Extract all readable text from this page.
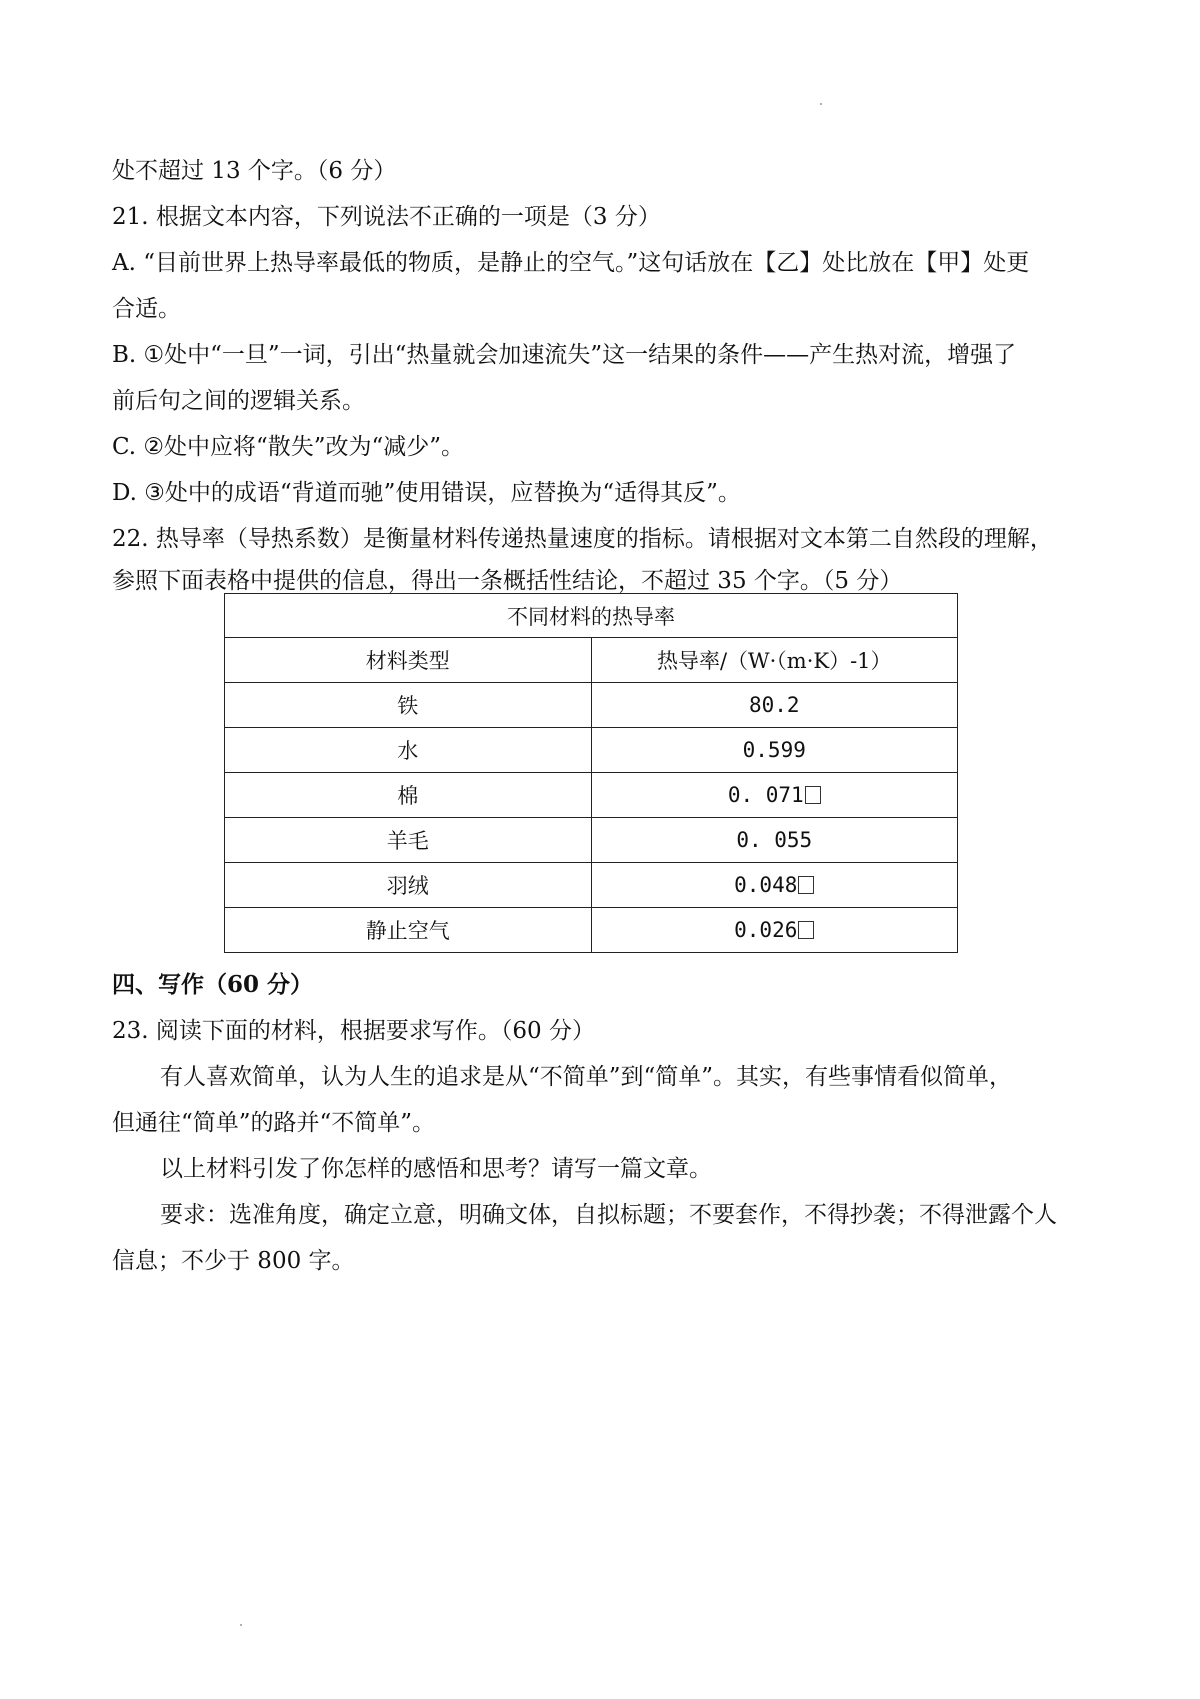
处不超过 13 个字。（6 分）
21. 根据文本内容，下列说法不正确的一项是（3 分）
A. “目前世界上热导率最低的物质，是静止的空气。”这句话放在【乙】处比放在【甲】处更
合适。
B. ①处中“一旦”一词，引出“热量就会加速流失”这一结果的条件——产生热对流，增强了
前后句之间的逻辑关系。
C. ②处中应将“散失”改为“减少”。
D. ③处中的成语“背道而驰”使用错误，应替换为“适得其反”。
22. 热导率（导热系数）是衡量材料传递热量速度的指标。请根据对文本第二自然段的理解，
参照下面表格中提供的信息，得出一条概括性结论，不超过 35 个字。（5 分）
不同材料的热导率	
材料类型	热导率/（W·（m·K）-1）
铁	80.2
水	0.599
棉	0. 071
羊毛	0. 055
羽绒	0.048
静止空气	0.026
四、写作（60 分）
23. 阅读下面的材料，根据要求写作。（60 分）
有人喜欢简单，认为人生的追求是从“不简单”到“简单”。其实，有些事情看似简单，
但通往“简单”的路并“不简单”。
以上材料引发了你怎样的感悟和思考？请写一篇文章。
要求：选准角度，确定立意，明确文体，自拟标题；不要套作，不得抄袭；不得泄露个人
信息；不少于 800 字。
